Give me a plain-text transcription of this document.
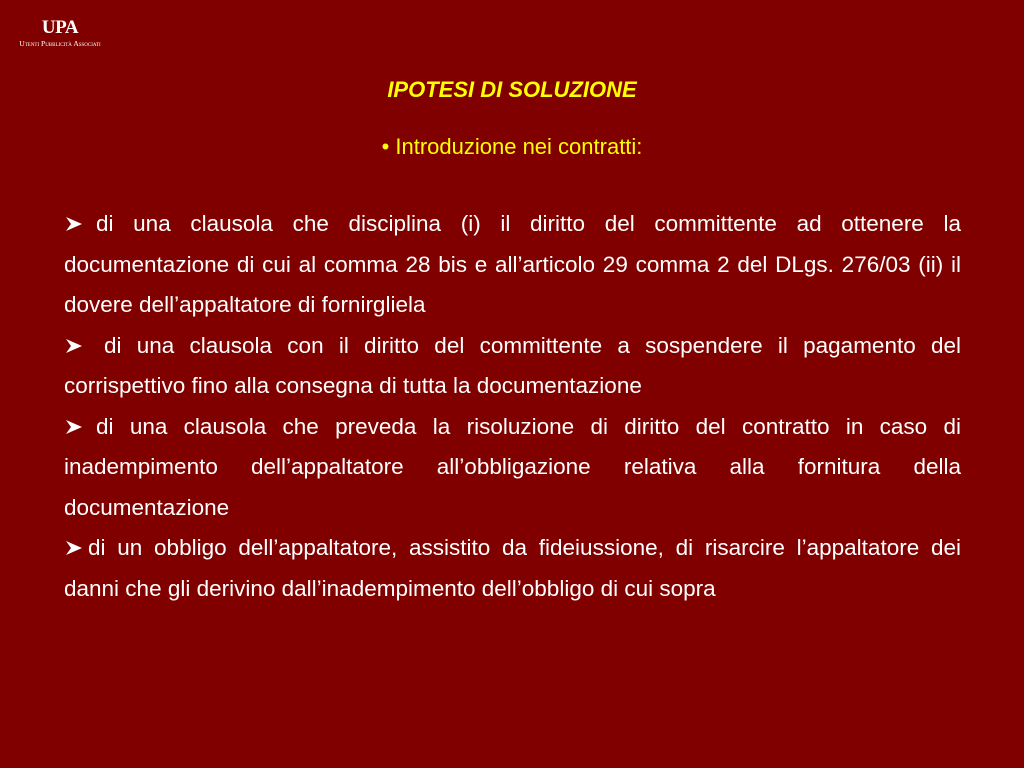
UPA
Utenti Pubblicità Associati
IPOTESI DI SOLUZIONE
• Introduzione nei contratti:
di una clausola che disciplina (i) il diritto del committente ad ottenere la documentazione di cui al comma 28 bis e all’articolo 29 comma 2 del DLgs. 276/03 (ii) il dovere dell’appaltatore di fornirgliela
di una clausola con il diritto del committente a sospendere il pagamento del corrispettivo fino alla consegna di tutta la documentazione
di una clausola che preveda la risoluzione di diritto del contratto in caso di inadempimento dell’appaltatore all’obbligazione relativa alla fornitura della documentazione
di un obbligo dell’appaltatore, assistito da fideiussione, di risarcire l’appaltatore dei danni che gli derivino dall’inadempimento dell’obbligo di cui sopra
